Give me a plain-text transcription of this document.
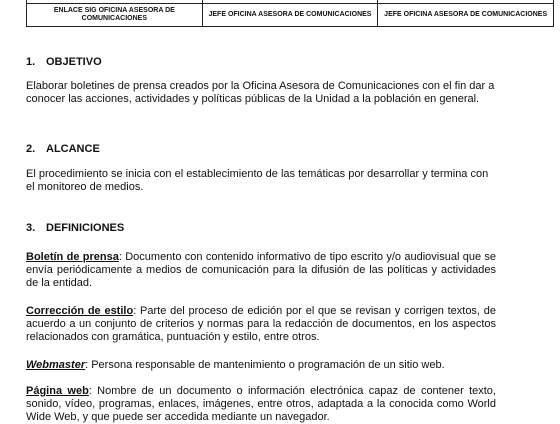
ENLACE SIG OFICINA ASESORA DE COMUNICACIONES	JEFE OFICINA ASESORA DE COMUNICACIONES	JEFE OFICINA ASESORA DE COMUNICACIONES
1. OBJETIVO

Elaborar boletines de prensa creados por la Oficina Asesora de Comunicaciones con el fin dar a conocer las acciones, actividades y políticas públicas de la Unidad a la población en general.

2. ALCANCE

El procedimiento se inicia con el establecimiento de las temáticas por desarrollar y termina con el monitoreo de medios.

3. DEFINICIONES

Boletín de prensa: Documento con contenido informativo de tipo escrito y/o audiovisual que se envía periódicamente a medios de comunicación para la difusión de las políticas y actividades de la entidad.

Corrección de estilo: Parte del proceso de edición por el que se revisan y corrigen textos, de acuerdo a un conjunto de criterios y normas para la redacción de documentos, en los aspectos relacionados con gramática, puntuación y estilo, entre otros.

Webmaster: Persona responsable de mantenimiento o programación de un sitio web.

Página web: Nombre de un documento o información electrónica capaz de contener texto, sonido, vídeo, programas, enlaces, imágenes, entre otros, adaptada a la conocida como World Wide Web, y que puede ser accedida mediante un navegador.
